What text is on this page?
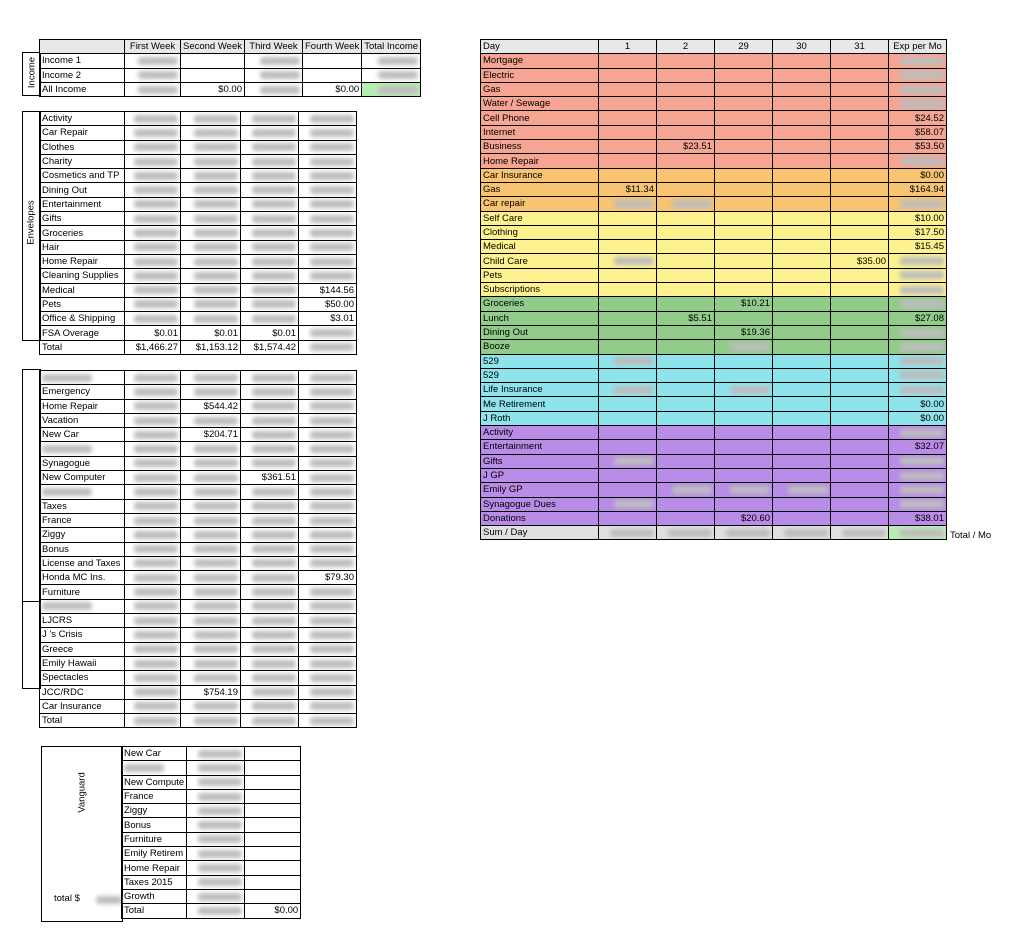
Income
	First Week	Second Week	Third Week	Fourth Week	Total Income
Income 1					
Income 2					
All Income		$0.00		$0.00	
Envelopes
Activity				
Car Repair				
Clothes				
Charity				
Cosmetics and TP				
Dining Out				
Entertainment				
Gifts				
Groceries				
Hair				
Home Repair				
Cleaning Supplies				
Medical				$144.56
Pets				$50.00
Office & Shipping				$3.01
FSA Overage	$0.01	$0.01	$0.01	
Total	$1,466.27	$1,153.12	$1,574.42	

Emergency				
Home Repair		$544.42		
Vacation				
New Car		$204.71		

Synagogue				
New Computer			$361.51	

Taxes				
France				
Ziggy				
Bonus				
License and Taxes				
Honda MC Ins.				$79.30
Furniture				

LJCRS				
J 's Crisis				
Greece				
Emily Hawaii				
Spectacles				
JCC/RDC		$754.19		
Car Insurance				
Total				
Vanguard
total $
New Car		

New Compute		
France		
Ziggy		
Bonus		
Furniture		
Emily Retirem		
Home Repair		
Taxes 2015		
Growth		
Total		$0.00
Day	1	2	29	30	31	Exp per Mo
Mortgage						
Electric						
Gas						
Water / Sewage						
Cell Phone						$24.52
Internet						$58.07
Business		$23.51				$53.50
Home Repair						
Car Insurance						$0.00
Gas	$11.34					$164.94
Car repair						
Self Care						$10.00
Clothing						$17.50
Medical						$15.45
Child Care					$35.00	
Pets						
Subscriptions						
Groceries			$10.21			
Lunch		$5.51				$27.08
Dining Out			$19.36			
Booze						
529						
529						
Life Insurance						
Me Retirement						$0.00
J Roth						$0.00
Activity						
Entertainment						$32.07
Gifts						
J GP						
Emily GP						
Synagogue Dues						
Donations			$20.60			$38.01
Sum / Day							Total / Mo
